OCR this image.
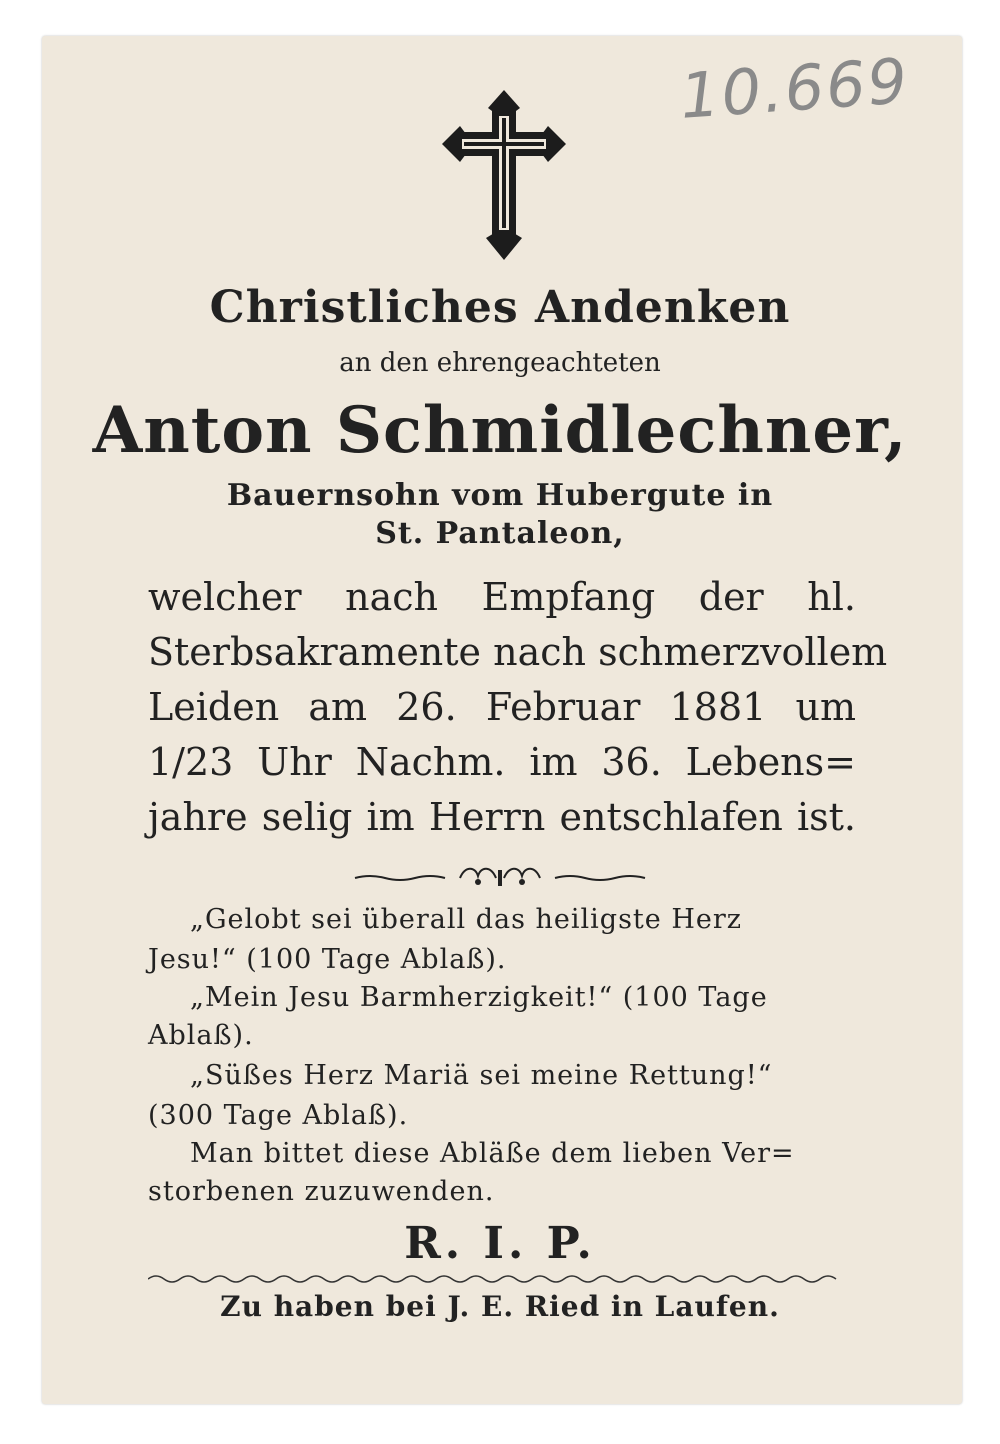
10.669
Christliches Andenken
an den ehrengeachteten
Anton Schmidlechner,
Bauernsohn vom Hubergute in
St. Pantaleon,
welcher nach Empfang der hl.
Sterbsakramente nach schmerzvollem
Leiden am 26. Februar 1881 um
1/23 Uhr Nachm. im 36. Lebens=
jahre selig im Herrn entschlafen ist.
„Gelobt sei überall das heiligste Herz
Jesu!“ (100 Tage Ablaß).
„Mein Jesu Barmherzigkeit!“ (100 Tage
Ablaß).
„Süßes Herz Mariä sei meine Rettung!“
(300 Tage Ablaß).
Man bittet diese Abläße dem lieben Ver=
storbenen zuzuwenden.
R. I. P.
Zu haben bei J. E. Ried in Laufen.
